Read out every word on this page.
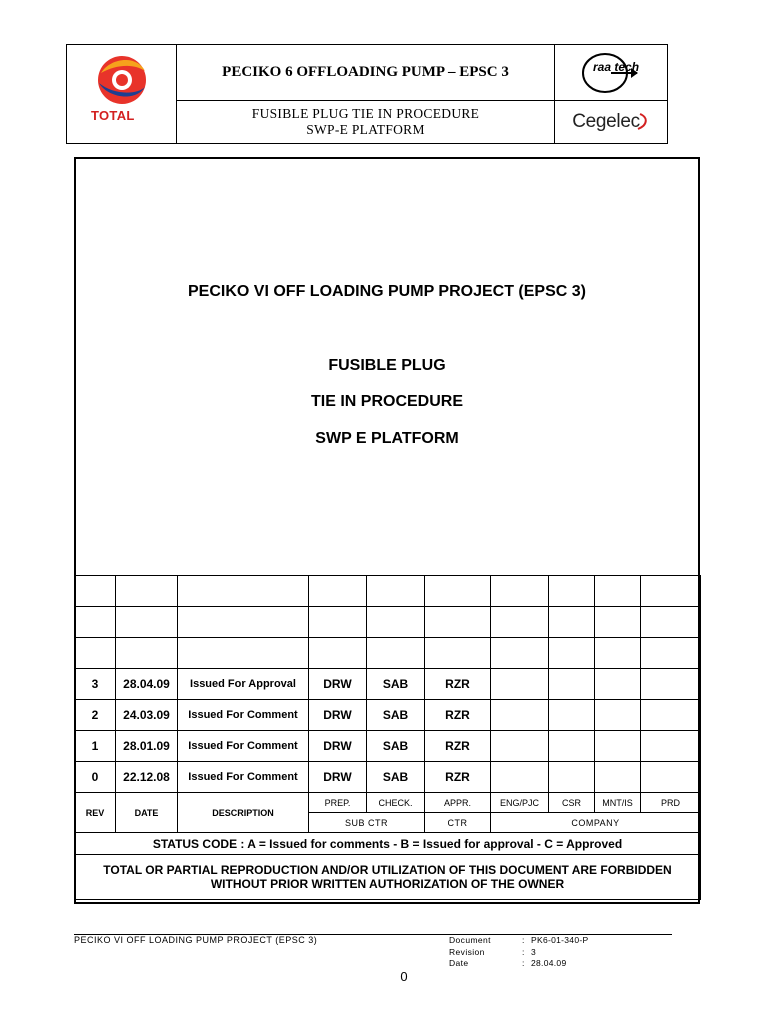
TOTAL
PECIKO 6 OFFLOADING PUMP – EPSC 3
FUSIBLE PLUG TIE IN PROCEDURE
SWP-E PLATFORM
raa tech
Cegelec
PECIKO VI OFF LOADING PUMP PROJECT (EPSC 3)
FUSIBLE PLUG
TIE IN PROCEDURE
SWP E PLATFORM

3	28.04.09	Issued For Approval	DRW	SAB	RZR				
2	24.03.09	Issued For Comment	DRW	SAB	RZR				
1	28.01.09	Issued For Comment	DRW	SAB	RZR				
0	22.12.08	Issued For Comment	DRW	SAB	RZR				
REV	DATE	DESCRIPTION	PREP.	CHECK.	APPR.	ENG/PJC	CSR	MNT/IS	PRD
			SUB CTR		CTR	COMPANY			
STATUS CODE : A = Issued for comments - B = Issued for approval - C = Approved									

TOTAL OR PARTIAL REPRODUCTION AND/OR UTILIZATION OF THIS DOCUMENT ARE FORBIDDEN
WITHOUT PRIOR WRITTEN AUTHORIZATION OF THE OWNER									
PECIKO VI OFF LOADING PUMP PROJECT (EPSC 3)	Document	: PK6-01-340-P
Revision	: 3
Date	: 28.04.09
0
